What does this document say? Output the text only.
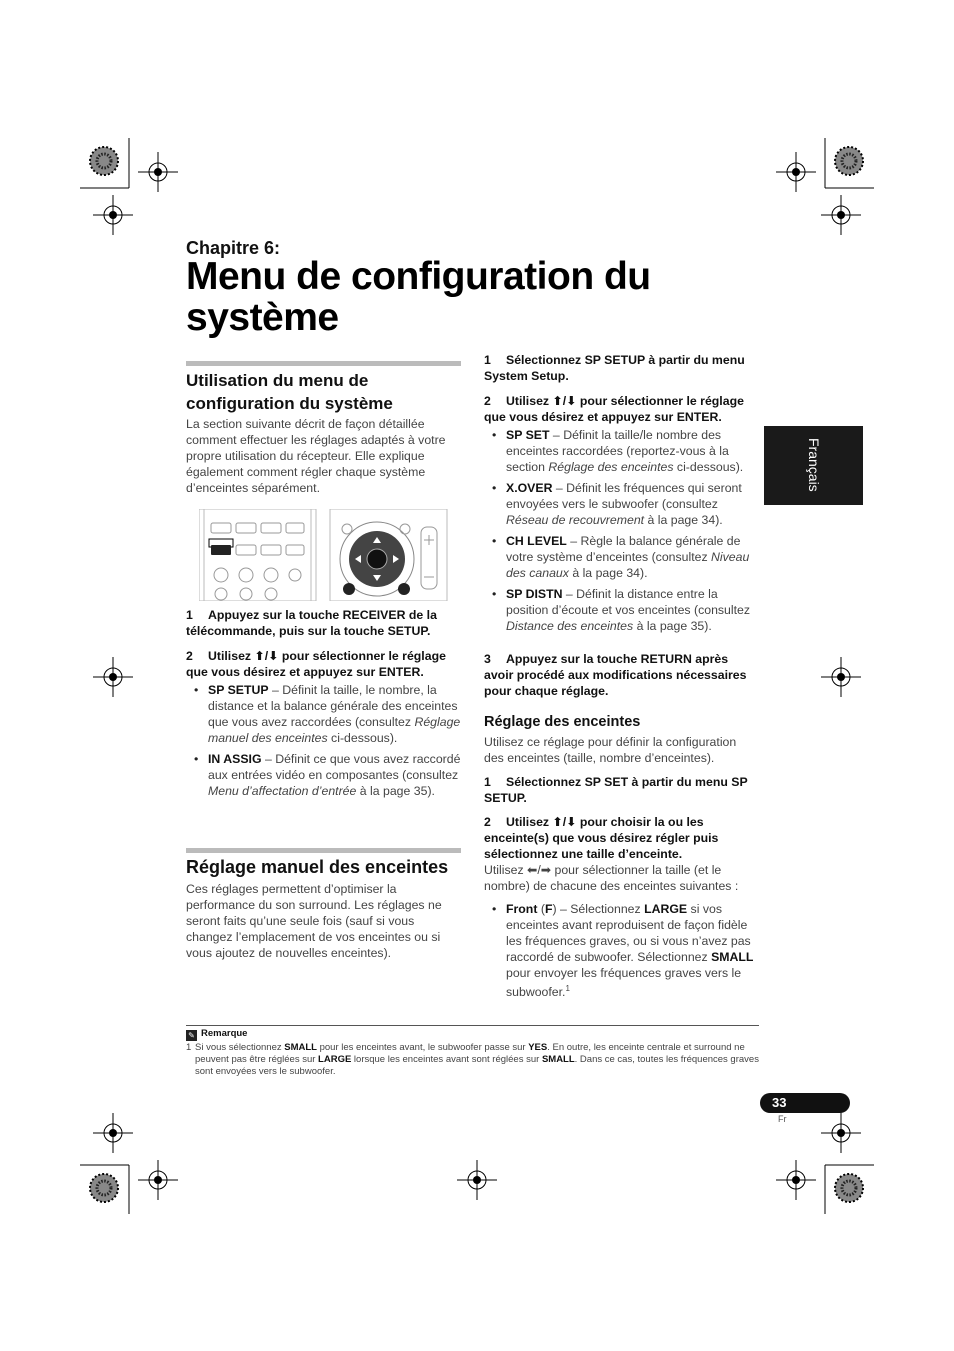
Chapitre 6:
Menu de configuration du système
Français
Utilisation du menu de configuration du système
La section suivante décrit de façon détaillée comment effectuer les réglages adaptés à votre propre utilisation du récepteur. Elle explique également comment régler chaque système d’enceintes séparément.
1 Appuyez sur la touche RECEIVER de la télécommande, puis sur la touche SETUP.
2 Utilisez ⬆/⬇ pour sélectionner le réglage que vous désirez et appuyez sur ENTER.
• SP SETUP – Définit la taille, le nombre, la distance et la balance générale des enceintes que vous avez raccordées (consultez Réglage manuel des enceintes ci-dessous).
• IN ASSIG – Définit ce que vous avez raccordé aux entrées vidéo en composantes (consultez Menu d’affectation d’entrée à la page 35).
Réglage manuel des enceintes
Ces réglages permettent d’optimiser la performance du son surround. Les réglages ne seront faits qu’une seule fois (sauf si vous changez l’emplacement de vos enceintes ou si vous ajoutez de nouvelles enceintes).
1 Sélectionnez SP SETUP à partir du menu System Setup.
2 Utilisez ⬆/⬇ pour sélectionner le réglage que vous désirez et appuyez sur ENTER.
• SP SET – Définit la taille/le nombre des enceintes raccordées (reportez-vous à la section Réglage des enceintes ci-dessous).
• X.OVER – Définit les fréquences qui seront envoyées vers le subwoofer (consultez Réseau de recouvrement à la page 34).
• CH LEVEL – Règle la balance générale de votre système d’enceintes (consultez Niveau des canaux à la page 34).
• SP DISTN – Définit la distance entre la position d’écoute et vos enceintes (consultez Distance des enceintes à la page 35).
3 Appuyez sur la touche RETURN après avoir procédé aux modifications nécessaires pour chaque réglage.
Réglage des enceintes
Utilisez ce réglage pour définir la configuration des enceintes (taille, nombre d’enceintes).
1 Sélectionnez SP SET à partir du menu SP SETUP.
2 Utilisez ⬆/⬇ pour choisir la ou les enceinte(s) que vous désirez régler puis sélectionnez une taille d’enceinte.
Utilisez ⬅/➡ pour sélectionner la taille (et le nombre) de chacune des enceintes suivantes :
• Front (F) – Sélectionnez LARGE si vos enceintes avant reproduisent de façon fidèle les fréquences graves, ou si vous n’avez pas raccordé de subwoofer. Sélectionnez SMALL pour envoyer les fréquences graves vers le subwoofer.$^1$
✎ Remarque
1 Si vous sélectionnez SMALL pour les enceintes avant, le subwoofer passe sur YES. En outre, les enceinte centrale et surround ne peuvent pas être réglées sur LARGE lorsque les enceintes avant sont réglées sur SMALL. Dans ce cas, toutes les fréquences graves sont envoyées vers le subwoofer.
33
Fr
